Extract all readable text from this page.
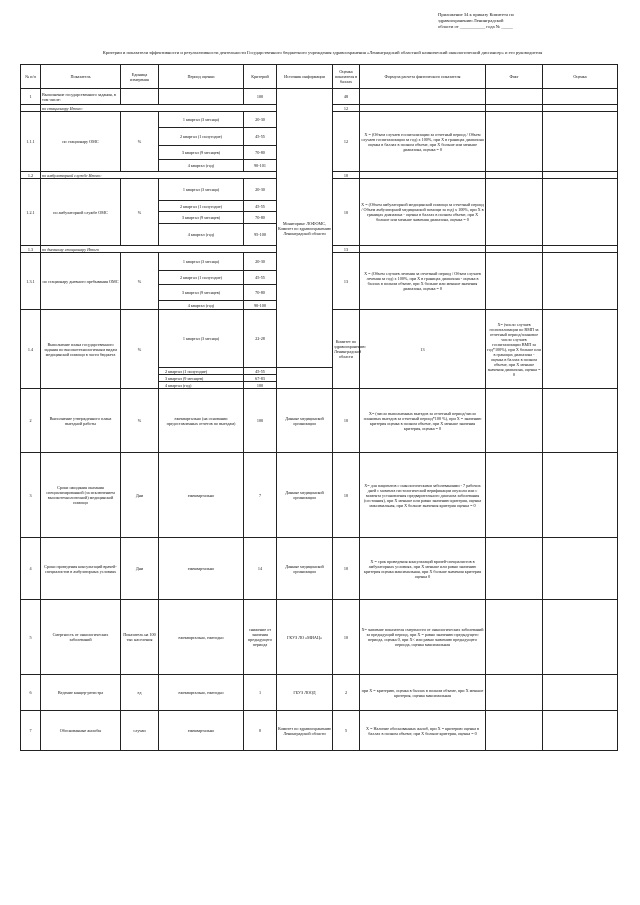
Приложение 34 к приказу Комитета по
здравоохранению Ленинградской
области от ___________ года № _____
Критерии и показатели эффективности и результативности деятельности Государственного бюджетного учреждения здравоохранения «Ленинградский областной клинический онкологический диспансер» и его руководителя
№ п/п	Показатель	Единица измерения	Период оценки	Критерий	Источник информации	Оценка показателя в баллах	Формула расчета фактического показателя	Факт	Оценка	
1	Выполнение государственного задания, в том числе:			100	Мониторинг ЛОФОМС, Комитет по здравоохранению Ленинградской области	48				
	по стационару Итого:					12				
1.1.1	по стационару ОМС	%	1 квартал (3 месяца)	20-30		12	X = (Объем случаев госпитализации за отчетный период / Объем случаев госпитализации за год) х 100%, при X в границах диапазона оценка в баллах в полном объеме, при X больше или меньше диапазона, оценка = 0			
			2 квартал (1 полугодие)	45-55						
			3 квартал (9 месяцев)	70-80						
			4 квартал (год)	90-101						
1.2	по амбулаторной службе Итого:					10				
1.2.1	по амбулаторной службе ОМС	%	1 квартал (3 месяца)	20-30		10	X = (Объем амбулаторной медицинской помощи за отчетный период / Объем амбулаторной медицинской помощи за год) х 100%, при X в границах диапазона - оценка в баллах в полном объеме, при X больше или меньше значения диапазона, оценка = 0			
			2 квартал (1 полугодие)	45-55						
			3 квартал (9 месяцев)	70-80						
			4 квартал (год)	95-100						
1.3	по дневному стационару Итого					13				
1.3.1	по стационару дневного пребывания ОМС	%	1 квартал (3 месяца)	20-30		13	X = (Объем случаев лечения за отчетный период / Объем случаев лечения за год) х 100%, при X в границах диапазона - оценка в баллах в полном объеме, при X больше или меньше значения диапазона, оценка = 0			
			2 квартал (1 полугодие)	45-55						
			3 квартал (9 месяцев)	70-80						
			4 квартал (год)	90-100						
1.4	Выполнение плана государственного задания по высокотехнологичным видам медицинской помощи в части бюджета	%	1 квартал (3 месяца)	22-28		Комитет по здравоохранению Ленинградской области	13	X= (число случаев госпитализации по ВМП за отчетный период/плановое число случаев госпитализации ВМП за год*100%), при X больше или в границах диапазона - оценка в баллах в полном объеме, при X меньше значения диапазона, оценка = 0		
			2 квартал (1 полугодие)	45-55						
			3 квартал (9 месяцев)	67-83						
			4 квартал (год)	100						
2	Выполнение утвержденного плана выездной работы	%	ежеквартально (на основании предоставленных отчетов по выездам)	100	Данные медицинской организации	10	X= (число выполненных выездов за отчетный период/число плановых выездов за отчетный период*100 %), при X = значению критерия оценка в полном объеме, при X меньше значения критерия, оценка = 0			
3	Сроки ожидания оказания специализированной (за исключением высокотехнологичной) медицинской помощи	Дни	ежеквартально	7	Данные медицинской организации	10	X= для пациентов с онкологическими заболеваниями - 7 рабочих дней с момента гистологической верификации опухоли или с момента установления предварительного диагноза заболевания (состояния), при X меньше или равно значению критерия, оценка максимальная, при X больше значения критерия оценка = 0			
4	Сроки проведения консультаций врачей-специалистов в амбулаторных условиях	Дни	ежеквартально	14	Данные медицинской организации	10	X = срок проведения консультаций врачей-специалистов в амбулаторных условиях, при X меньше или равно значению критерия оценка максимальная, при X больше значения критерия оценка 0			
5	Смертность от онкологических заболеваний	Показатель на 100 тыс населения	ежеквартально, ежегодно	снижение от значения предыдущего периода	ГКУЗ ЛО «МИАЦ»	10	X= значение показателя смертности от онкологических заболеваний за предыдущий период, при X = равно значению предыдущего периода, оценка 0, при X< или равно значению предыдущего периода, оценка максимальная			
6	Ведение канцер-регистра	ед	ежеквартально, ежегодно	1	ГБУЗ ЛООД	2	при X = критерию, оценка в баллах в полном объеме, при X меньше критерия, оценка максимальная			
7	Обоснованные жалобы	случаи	ежеквартально	0	Комитет по здравоохранению Ленинградской области	5	X = Наличие обоснованных жалоб, при X = критерию оценка в баллах в полном объеме, при X больше критерия, оценка = 0			
